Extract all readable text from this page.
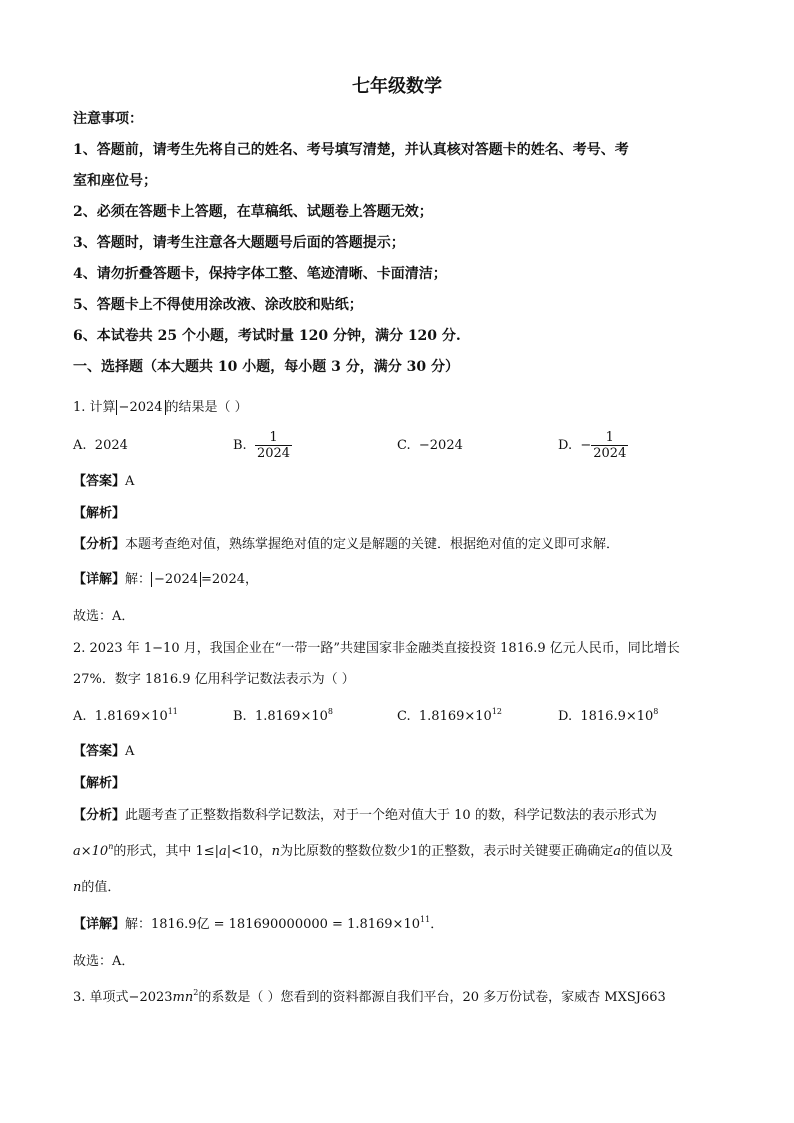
七年级数学
注意事项：
1、答题前，请考生先将自己的姓名、考号填写清楚，并认真核对答题卡的姓名、考号、考
室和座位号；
2、必须在答题卡上答题，在草稿纸、试题卷上答题无效；
3、答题时，请考生注意各大题题号后面的答题提示；
4、请勿折叠答题卡，保持字体工整、笔迹清晰、卡面清洁；
5、答题卡上不得使用涂改液、涂改胶和贴纸；
6、本试卷共 25 个小题，考试时量 120 分钟，满分 120 分.
一、选择题（本大题共 10 小题，每小题 3 分，满分 30 分）
1. 计算 −2024 的结果是（ ）
A. 2024	B. $\frac{1}{2024}$	C. −2024	D. − $\frac{1}{2024}$
【答案】A
【解析】
【分析】本题考查绝对值，熟练掌握绝对值的定义是解题的关键．根据绝对值的定义即可求解．
【详解】解： −2024 =2024，
故选：A．
2. 2023 年 1−10 月，我国企业在“一带一路”共建国家非金融类直接投资 1816.9 亿元人民币，同比增长
27%．数字 1816.9 亿用科学记数法表示为（ ）
A. $1.8169\times 10^{11}$	B. $1.8169\times 10^8$	C. $1.8169\times 10^{12}$	D. $1816.9\times 10^8$
【答案】A
【解析】
【分析】此题考查了正整数指数科学记数法，对于一个绝对值大于 10 的数，科学记数法的表示形式为
$a\times 10^n$的形式，其中 1≤|a|<10，n为比原数的整数位数少1的正整数，表示时关键要正确确定a的值以及
n的值．
【详解】解：1816.9亿 = $181690000000 = 1.8169\times 10^{11}$．
故选：A．
3. 单项式$-2023mn^2$的系数是（ ）您看到的资料都源自我们平台，20 多万份试卷，家威杏 MXSJ663
